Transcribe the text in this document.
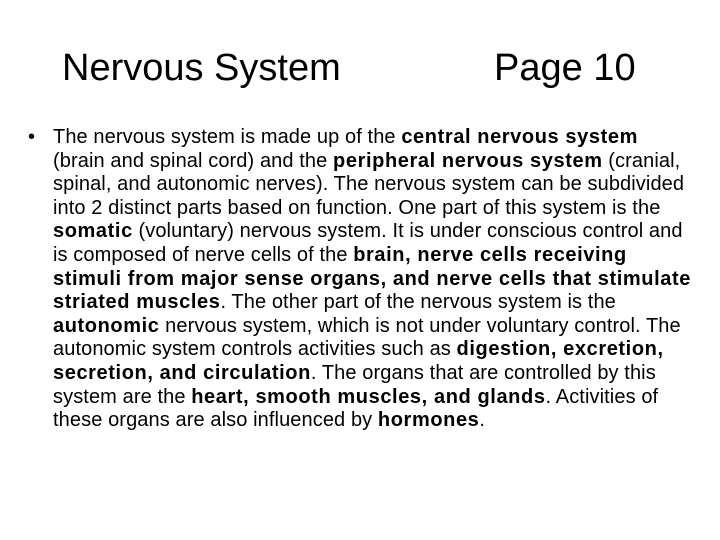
Nervous System	Page 10
• The nervous system is made up of the central nervous system (brain and spinal cord) and the peripheral nervous system (cranial, spinal, and autonomic nerves). The nervous system can be subdivided into 2 distinct parts based on function. One part of this system is the somatic (voluntary) nervous system. It is under conscious control and is composed of nerve cells of the brain, nerve cells receiving stimuli from major sense organs, and nerve cells that stimulate striated muscles. The other part of the nervous system is the autonomic nervous system, which is not under voluntary control. The autonomic system controls activities such as digestion, excretion, secretion, and circulation. The organs that are controlled by this system are the heart, smooth muscles, and glands. Activities of these organs are also influenced by hormones.
